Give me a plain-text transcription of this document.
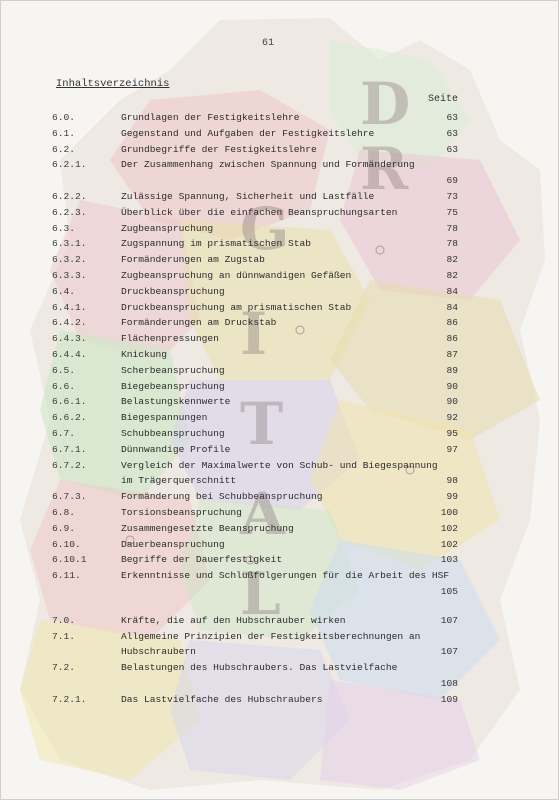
D
R
G
I
T
A
L
61
Inhaltsverzeichnis
Seite
6.0.	Grundlagen der Festigkeitslehre	63
6.1.	Gegenstand und Aufgaben der Festigkeitslehre	63
6.2.	Grundbegriffe der Festigkeitslehre	63
6.2.1.	Der Zusammenhang zwischen Spannung und Formänderung
69
6.2.2.	Zulässige Spannung, Sicherheit und Lastfälle	73
6.2.3.	Überblick über die einfachen Beanspruchungsarten	75
6.3.	Zugbeanspruchung	78
6.3.1.	Zugspannung im prismatischen Stab	78
6.3.2.	Formänderungen am Zugstab	82
6.3.3.	Zugbeanspruchung an dünnwandigen Gefäßen	82
6.4.	Druckbeanspruchung	84
6.4.1.	Druckbeanspruchung am prismatischen Stab	84
6.4.2.	Formänderungen am Druckstab	86
6.4.3.	Flächenpressungen	86
6.4.4.	Knickung	87
6.5.	Scherbeanspruchung	89
6.6.	Biegebeanspruchung	90
6.6.1.	Belastungskennwerte	90
6.6.2.	Biegespannungen	92
6.7.	Schubbeanspruchung	95
6.7.1.	Dünnwandige Profile	97
6.7.2.	Vergleich der Maximalwerte von Schub- und Biegespannung im Trägerquerschnitt	98
6.7.3.	Formänderung bei Schubbeanspruchung	99
6.8.	Torsionsbeanspruchung	100
6.9.	Zusammengesetzte Beanspruchung	102
6.10.	Dauerbeanspruchung	102
6.10.1	Begriffe der Dauerfestigkeit	103
6.11.	Erkenntnisse und Schlußfolgerungen für die Arbeit des HSF
105
7.0.	Kräfte, die auf den Hubschrauber wirken	107
7.1.	Allgemeine Prinzipien der Festigkeitsberechnungen an Hubschraubern	107
7.2.	Belastungen des Hubschraubers. Das Lastvielfache
108
7.2.1.	Das Lastvielfache des Hubschraubers	109
